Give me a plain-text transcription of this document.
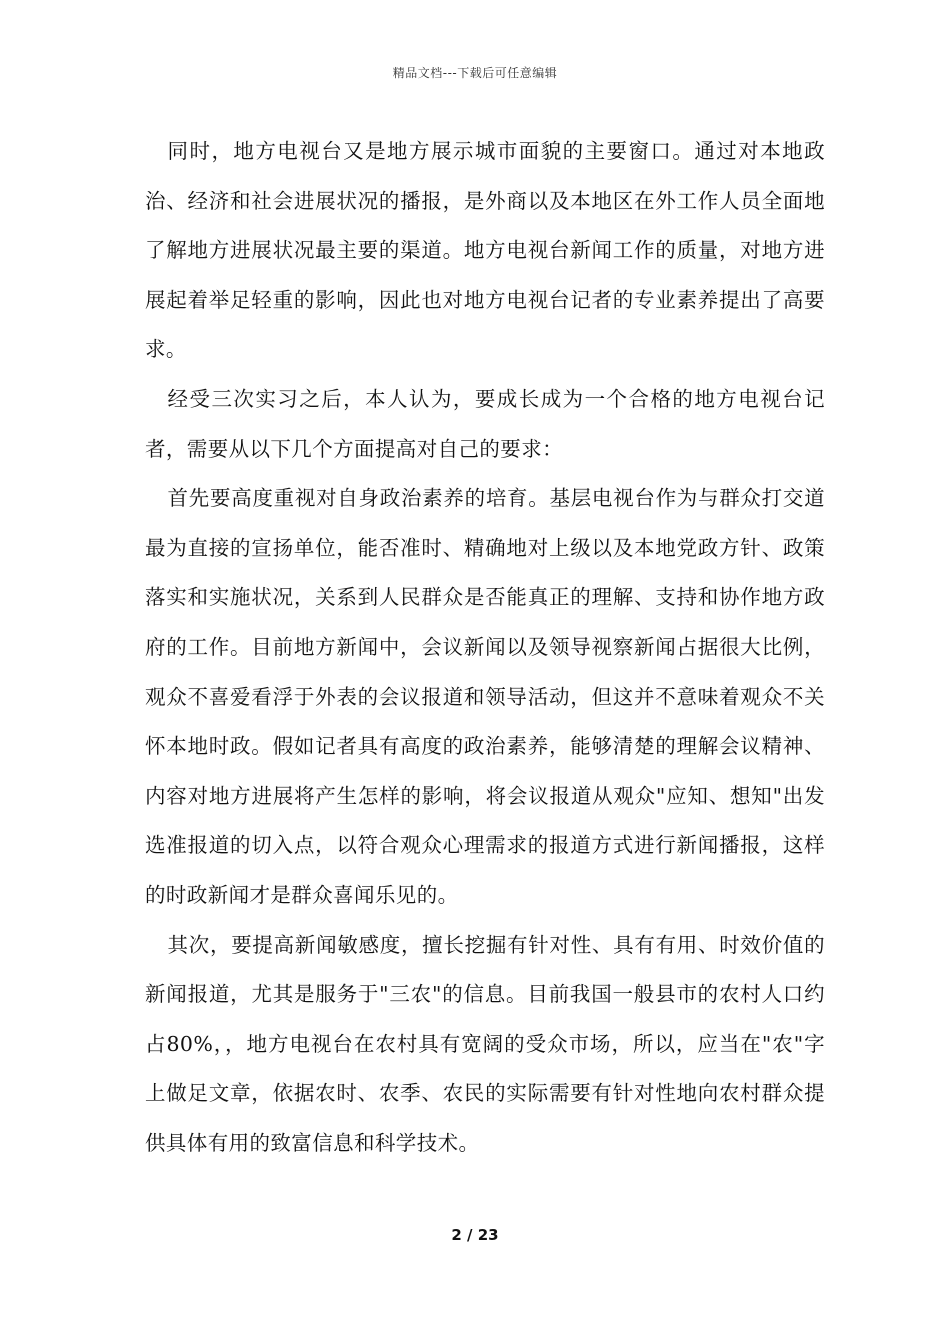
精品文档---下载后可任意编辑

同时，地方电视台又是地方展示城市面貌的主要窗口。通过对本地政治、经济和社会进展状况的播报，是外商以及本地区在外工作人员全面地了解地方进展状况最主要的渠道。地方电视台新闻工作的质量，对地方进展起着举足轻重的影响，因此也对地方电视台记者的专业素养提出了高要求。

经受三次实习之后，本人认为，要成长成为一个合格的地方电视台记者，需要从以下几个方面提高对自己的要求：

首先要高度重视对自身政治素养的培育。基层电视台作为与群众打交道最为直接的宣扬单位，能否准时、精确地对上级以及本地党政方针、政策落实和实施状况，关系到人民群众是否能真正的理解、支持和协作地方政府的工作。目前地方新闻中，会议新闻以及领导视察新闻占据很大比例，观众不喜爱看浮于外表的会议报道和领导活动，但这并不意味着观众不关怀本地时政。假如记者具有高度的政治素养，能够清楚的理解会议精神、内容对地方进展将产生怎样的影响，将会议报道从观众"应知、想知"出发选准报道的切入点，以符合观众心理需求的报道方式进行新闻播报，这样的时政新闻才是群众喜闻乐见的。

其次，要提高新闻敏感度，擅长挖掘有针对性、具有有用、时效价值的新闻报道，尤其是服务于"三农"的信息。目前我国一般县市的农村人口约占80%，，地方电视台在农村具有宽阔的受众市场，所以，应当在"农"字上做足文章，依据农时、农季、农民的实际需要有针对性地向农村群众提供具体有用的致富信息和科学技术。

2 / 23
